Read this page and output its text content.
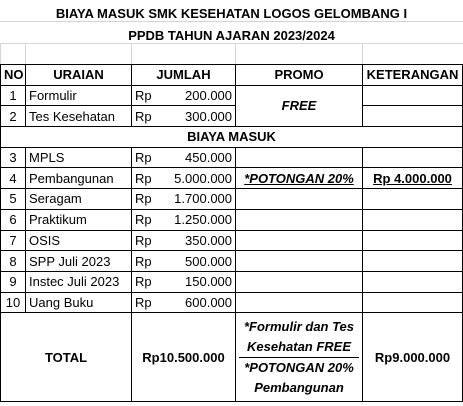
BIAYA MASUK SMK KESEHATAN LOGOS GELOMBANG I
PPDB TAHUN AJARAN 2023/2024
NO	URAIAN	JUMLAH		PROMO	KETERANGAN
1	Formulir	Rp	200.000	FREE	
2	Tes Kesehatan	Rp	300.000		
BIAYA MASUK					
3	MPLS	Rp	450.000		
4	Pembangunan	Rp	5.000.000	*POTONGAN 20%	Rp 4.000.000
5	Seragam	Rp	1.700.000		
6	Praktikum	Rp	1.250.000		
7	OSIS	Rp	350.000		
8	SPP Juli 2023	Rp	500.000		
9	Instec Juli 2023	Rp	150.000		
10	Uang Buku	Rp	600.000		
TOTAL		Rp10.500.000		*Formulir dan Tes
Kesehatan FREE
*POTONGAN 20%
Pembangunan	Rp9.000.000
